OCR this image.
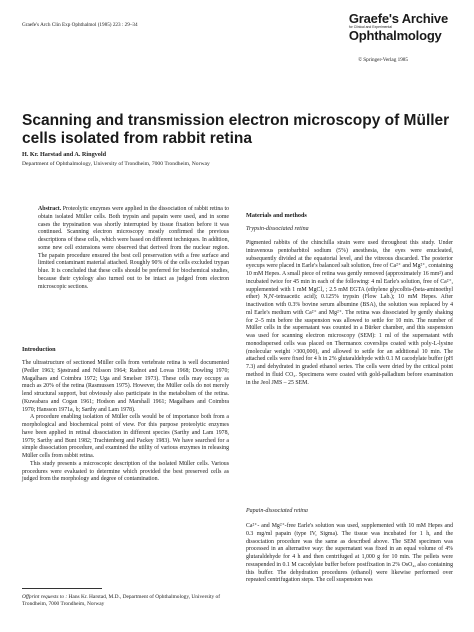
Graefe's Arch Clin Exp Ophthalmol (1985) 223 : 29–34	Graefe's Archive
for Clinical and Experimental
Ophthalmology
© Springer-Verlag 1985
Scanning and transmission electron microscopy of Müller cells isolated from rabbit retina
H. Kr. Harstad and A. Ringvold
Department of Ophthalmology, University of Trondheim, 7000 Trondheim, Norway
Abstract. Proteolytic enzymes were applied in the dissociation of rabbit retina to obtain isolated Müller cells. Both trypsin and papain were used, and in some cases the trypsination was shortly interrupted by tissue fixation before it was continued. Scanning electron microscopy mostly confirmed the previous descriptions of these cells, which were based on different techniques. In addition, some new cell extensions were observed that derived from the nuclear region. The papain procedure ensured the best cell preservation with a free surface and limited contaminant material attached. Roughly 90% of the cells excluded trypan blue. It is concluded that these cells should be preferred for biochemical studies, because their cytology also turned out to be intact as judged from electron microscopic sections.
Introduction

The ultrastructure of sectioned Müller cells from vertebrate retina is well documented (Pedler 1963; Sjøstrand and Nilsson 1964; Radnot and Lovas 1968; Dowling 1970; Magalhaes and Coimbra 1972; Uga and Smelser 1973). These cells may occupy as much as 20% of the retina (Rasmussen 1975). However, the Müller cells do not merely lend structural support, but obviously also participate in the metabolism of the retina. (Kuwabara and Cogan 1961; Hodson and Marshall 1961; Magalhaes and Coimbra 1970; Hansson 1971a, b; Sarthy and Lam 1978).

A procedure enabling isolation of Müller cells would be of importance both from a morphological and biochemical point of view. For this purpose proteolytic enzymes have been applied in retinal dissociation in different species (Sarthy and Lam 1978, 1979; Sarthy and Bunt 1982; Trachtenberg and Packey 1983). We have searched for a simple dissociation procedure, and examined the utility of various enzymes in releasing Müller cells from rabbit retina.

This study presents a microscopic description of the isolated Müller cells. Various procedures were evaluated to determine which provided the best preserved cells as judged from the morphology and degree of contamination.

Materials and methods
Trypsin-dissociated retina
Pigmented rabbits of the chinchilla strain were used throughout this study. Under intravenous pentobarbitol sodium (5%) anesthesia, the eyes were enucleated, subsequently divided at the equatorial level, and the vitreous discarded. The posterior eyecups were placed in Earle's balanced salt solution, free of Ca²⁺ and Mg²⁺, containing 10 mM Hepes. A small piece of retina was gently removed (approximately 16 mm²) and incubated twice for 45 min in each of the following: 4 ml Earle's solution, free of Ca²⁺, supplemented with 1 mM MgCl₂ ; 2.5 mM EGTA (ethylene glycolbis-(beta-aminoethyl ether) N,N'-tetraacetic acid); 0.125% trypsin (Flow Lab.); 10 mM Hepes. After inactivation with 0.3% bovine serum albumine (BSA), the solution was replaced by 4 ml Earle's medium with Ca²⁺ and Mg²⁺. The retina was dissociated by gently shaking for 2–5 min before the suspension was allowed to settle for 10 min. The number of Müller cells in the supernatant was counted in a Bürker chamber, and this suspension was used for scanning electron microscopy (SEM): 1 ml of the supernatant with monodispersed cells was placed on Thermanox coverslips coated with poly-L-lysine (molecular weight >300,000), and allowed to settle for an additional 10 min. The attached cells were fixed for 4 h in 2% glutaraldehyde with 0.1 M cacodylate buffer (pH 7.3) and dehydrated in graded ethanol series. The cells were dried by the critical point method in fluid CO₂. Specimens were coated with gold-palladium before examination in the Jeol JMS – 25 SEM.
Papain-dissociated retina
Ca²⁺- and Mg²⁺-free Earle's solution was used, supplemented with 10 mM Hepes and 0.3 mg/ml papain (type IV, Sigma). The tissue was incubated for 1 h, and the dissociation procedure was the same as described above. The SEM specimen was processed in an alternative way: the supernatant was fixed in an equal volume of 4% glutaraldehyde for 4 h and then centrifuged at 1,000 g for 10 min. The pellets were resuspended in 0.1 M cacodylate buffer before postfixation in 2% OsO₄, also containing this buffer. The dehydration procedures (ethanol) were likewise performed over repeated centrifugation steps. The cell suspension was
Offprint requests to : Hans Kr. Harstad, M.D., Department of Ophthalmology, University of Trondheim, 7000 Trondheim, Norway
